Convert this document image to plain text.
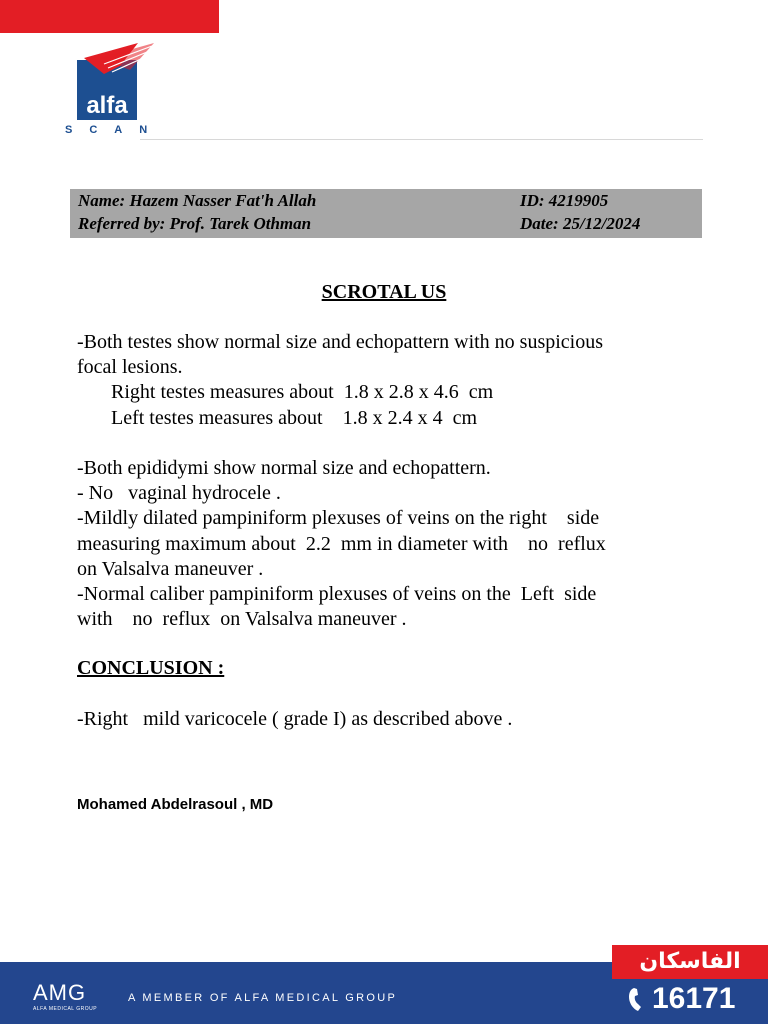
alfa
SCAN
Name: Hazem Nasser Fat'h Allah
Referred by: Prof. Tarek Othman
ID: 4219905
Date: 25/12/2024
SCROTAL US

-Both testes show normal size and echopattern with no suspicious

focal lesions.

Right testes measures about  1.8 x 2.8 x 4.6  cm

Left testes measures about    1.8 x 2.4 x 4  cm

-Both epididymi show normal size and echopattern.

- No   vaginal hydrocele .

-Mildly dilated pampiniform plexuses of veins on the right    side

measuring maximum about  2.2  mm in diameter with    no  reflux

on Valsalva maneuver .

-Normal caliber pampiniform plexuses of veins on the  Left  side

with    no  reflux  on Valsalva maneuver .

CONCLUSION :
-Right   mild varicocele ( grade I) as described above .
Mohamed Abdelrasoul , MD
AMG
ALFA MEDICAL GROUP
A MEMBER OF ALFA MEDICAL GROUP
الفاسكان
16171
